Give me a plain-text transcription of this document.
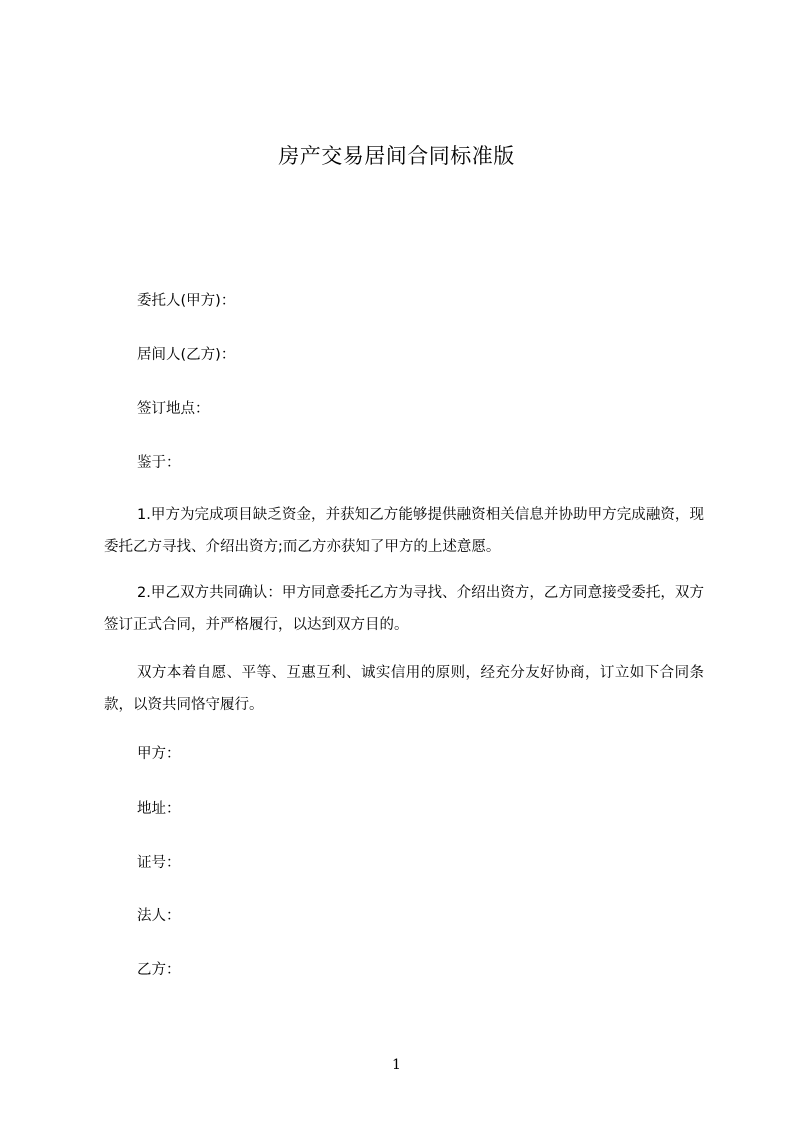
房产交易居间合同标准版
委托人(甲方)：
居间人(乙方)：
签订地点：
鉴于：
1.甲方为完成项目缺乏资金，并获知乙方能够提供融资相关信息并协助甲方完成融资，现委托乙方寻找、介绍出资方;而乙方亦获知了甲方的上述意愿。
2.甲乙双方共同确认：甲方同意委托乙方为寻找、介绍出资方，乙方同意接受委托，双方签订正式合同，并严格履行，以达到双方目的。
双方本着自愿、平等、互惠互利、诚实信用的原则，经充分友好协商，订立如下合同条款，以资共同恪守履行。
甲方：
地址：
证号：
法人：
乙方：
1
